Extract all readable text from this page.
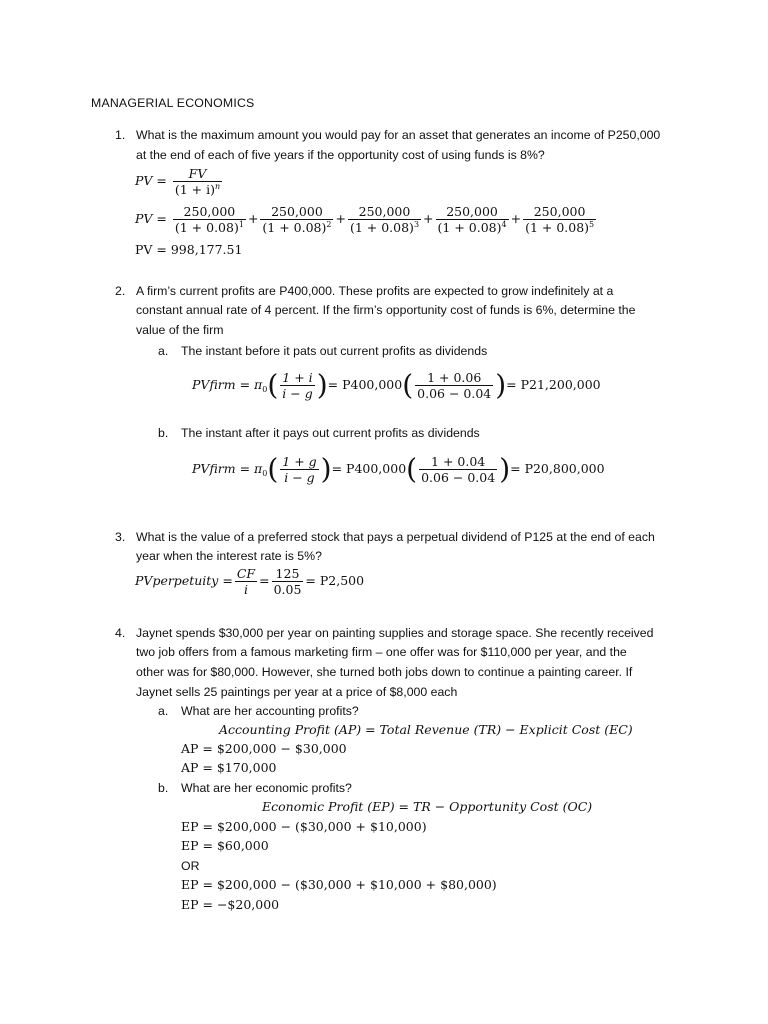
MANAGERIAL ECONOMICS
1. What is the maximum amount you would pay for an asset that generates an income of P250,000
at the end of each of five years if the opportunity cost of using funds is 8%?
PV = $\frac{FV}{(1 + i)^n}$
PV = $\frac{250,000}{(1 + 0.08)^1} + \frac{250,000}{(1 + 0.08)^2} + \frac{250,000}{(1 + 0.08)^3} + \frac{250,000}{(1 + 0.08)^4} + \frac{250,000}{(1 + 0.08)^5}$
PV = 998,177.51
2. A firm’s current profits are P400,000. These profits are expected to grow indefinitely at a
constant annual rate of 4 percent. If the firm’s opportunity cost of funds is 6%, determine the
value of the firm
a. The instant before it pats out current profits as dividends
PVfirm = $\pi_0( \frac{1 + i}{i - g}$ )= $P400,000( \frac{1 + 0.06}{0.06 - 0.04}$ )= P21,200,000
b. The instant after it pays out current profits as dividends
PVfirm = $\pi_0( \frac{1 + g}{i - g}$ )= $P400,000( \frac{1 + 0.04}{0.06 - 0.04}$ )= P20,800,000
3. What is the value of a preferred stock that pays a perpetual dividend of P125 at the end of each
year when the interest rate is 5%?
PVperpetuity = $\frac{CF}{i} = \frac{125}{0.05} = P2,500$
4. Jaynet spends $30,000 per year on painting supplies and storage space. She recently received
two job offers from a famous marketing firm – one offer was for $110,000 per year, and the
other was for $80,000. However, she turned both jobs down to continue a painting career. If
Jaynet sells 25 paintings per year at a price of $8,000 each
a. What are her accounting profits?
Accounting Profit (AP) = Total Revenue (TR) − Explicit Cost (EC)
AP = $200,000 − $30,000
AP = $170,000
b. What are her economic profits?
Economic Profit (EP) = TR − Opportunity Cost (OC)
EP = $200,000 − ($30,000 + $10,000)
EP = $60,000
OR
EP = $200,000 − ($30,000 + $10,000 + $80,000)
EP = −$20,000
